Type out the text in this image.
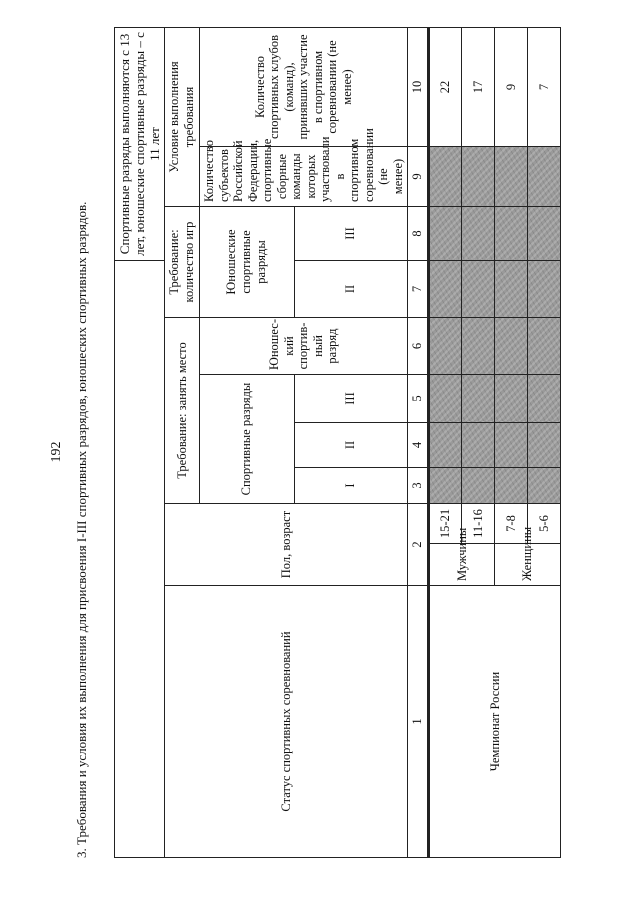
192 3. Требования и условия их выполнения для присвоения I-III спортивных разрядов, юношеских спортивных разрядов.
								Спортивные разряды выполняются с 13 лет, юношеские спортивные разряды – с 11 лет		
Статус спортивных соревнований	Пол, возраст		Требование: занять место				Требование: количество игр		Условие выполнения требования	
			Спортивные разряды			Юношес-кий спортив-ный разряд	Юношеские спортивные разряды		Количество субъектов Российской Федерации, спортивные сборные команды которых участвовали в спортивном соревновании (не менее)	Количество спортивных клубов (команд), принявших участие в спортивном соревновании (не менее)
			I	II	III		II	III		
1	2		3	4	5	6	7	8	9	10
Чемпионат России	Мужчины	15-21								22
		11-16								17
	Женщины	7-8								9
		5-6								7
